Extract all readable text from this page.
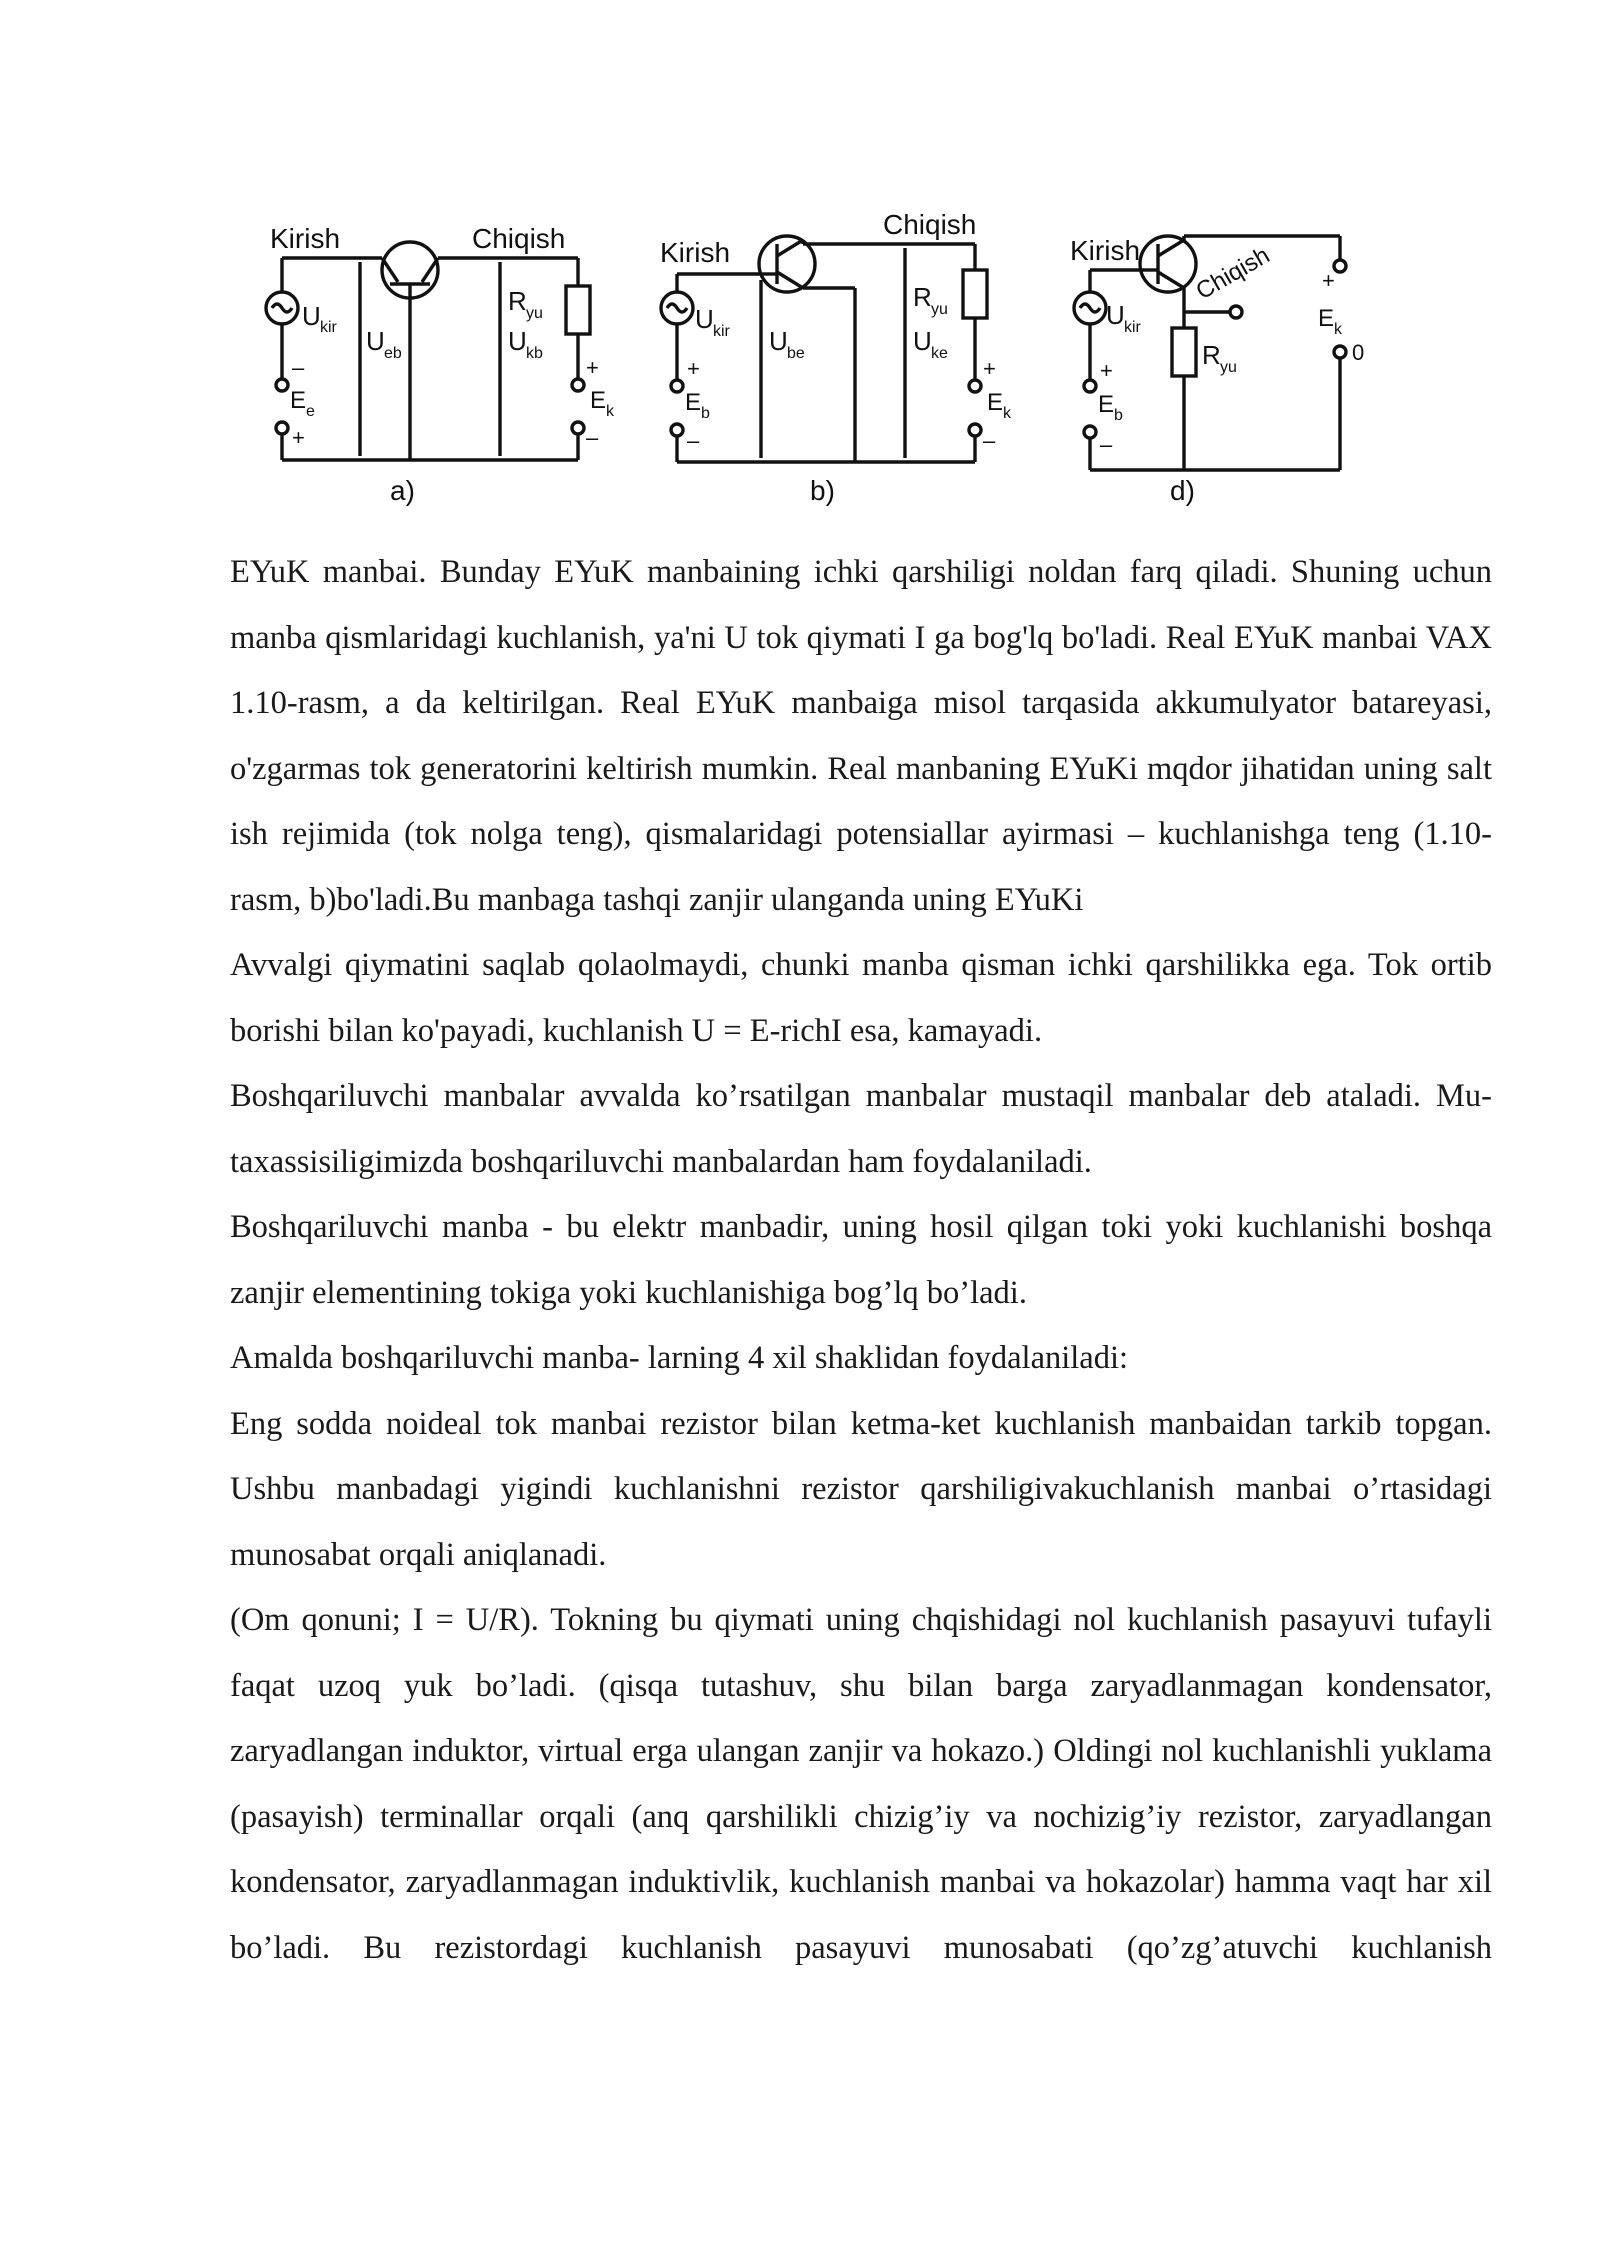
Kirish	Chiqish
U kir U eb
R yu
U kb
E e	E k
–
+
+
–
a)
Kirish
Chiqish
U kir U be
R yu
U ke
E b	E k
+
–
+
–
b)
Kirish
U kir
R yu
E b
E k
+
–
+
0
Chiqish
d)

EYuK manbai. Bunday EYuK manbaining ichki qarshiligi noldan farq qiladi. Shuning uchun manba qismlaridagi kuchlanish, ya'ni U tok qiymati I ga bog'lq bo'ladi. Real EYuK manbai VAX 1.10-rasm, a da keltirilgan. Real EYuK manbaiga misol tarqasida akkumulyator batareyasi, o'zgarmas tok generatorini keltirish mumkin. Real manbaning EYuKi mqdor jihatidan uning salt ish rejimida (tok nolga teng), qismalaridagi potensiallar ayirmasi – kuchlanishga teng (1.10-rasm, b)bo'ladi.Bu manbaga tashqi zanjir ulanganda uning EYuKi

Avvalgi qiymatini saqlab qolaolmaydi, chunki manba qisman ichki qarshilikka ega. Tok ortib borishi bilan ko'payadi, kuchlanish U = E-richI esa, kamayadi.

Boshqariluvchi manbalar avvalda ko’rsatilgan manbalar mustaqil manbalar deb ataladi. Mu-taxassisiligimizda boshqariluvchi manbalardan ham foydalaniladi.

Boshqariluvchi manba - bu elektr manbadir, uning hosil qilgan toki yoki kuchlanishi boshqa zanjir elementining tokiga yoki kuchlanishiga bog’lq bo’ladi.

Amalda boshqariluvchi manba- larning 4 xil shaklidan foydalaniladi:

Eng sodda noideal tok manbai rezistor bilan ketma-ket kuchlanish manbaidan tarkib topgan. Ushbu manbadagi yigindi kuchlanishni rezistor qarshiligivakuchlanish manbai o’rtasidagi munosabat orqali aniqlanadi.

(Om qonuni; I = U/R). Tokning bu qiymati uning chqishidagi nol kuchlanish pasayuvi tufayli faqat uzoq yuk bo’ladi. (qisqa tutashuv, shu bilan barga zaryadlanmagan kondensator, zaryadlangan induktor, virtual erga ulangan zanjir va hokazo.) Oldingi nol kuchlanishli yuklama (pasayish) terminallar orqali (anq qarshilikli chizig’iy va nochizig’iy rezistor, zaryadlangan kondensator, zaryadlanmagan induktivlik, kuchlanish manbai va hokazolar) hamma vaqt har xil bo’ladi. Bu rezistordagi kuchlanish pasayuvi munosabati (qo’zg’atuvchi kuchlanish
